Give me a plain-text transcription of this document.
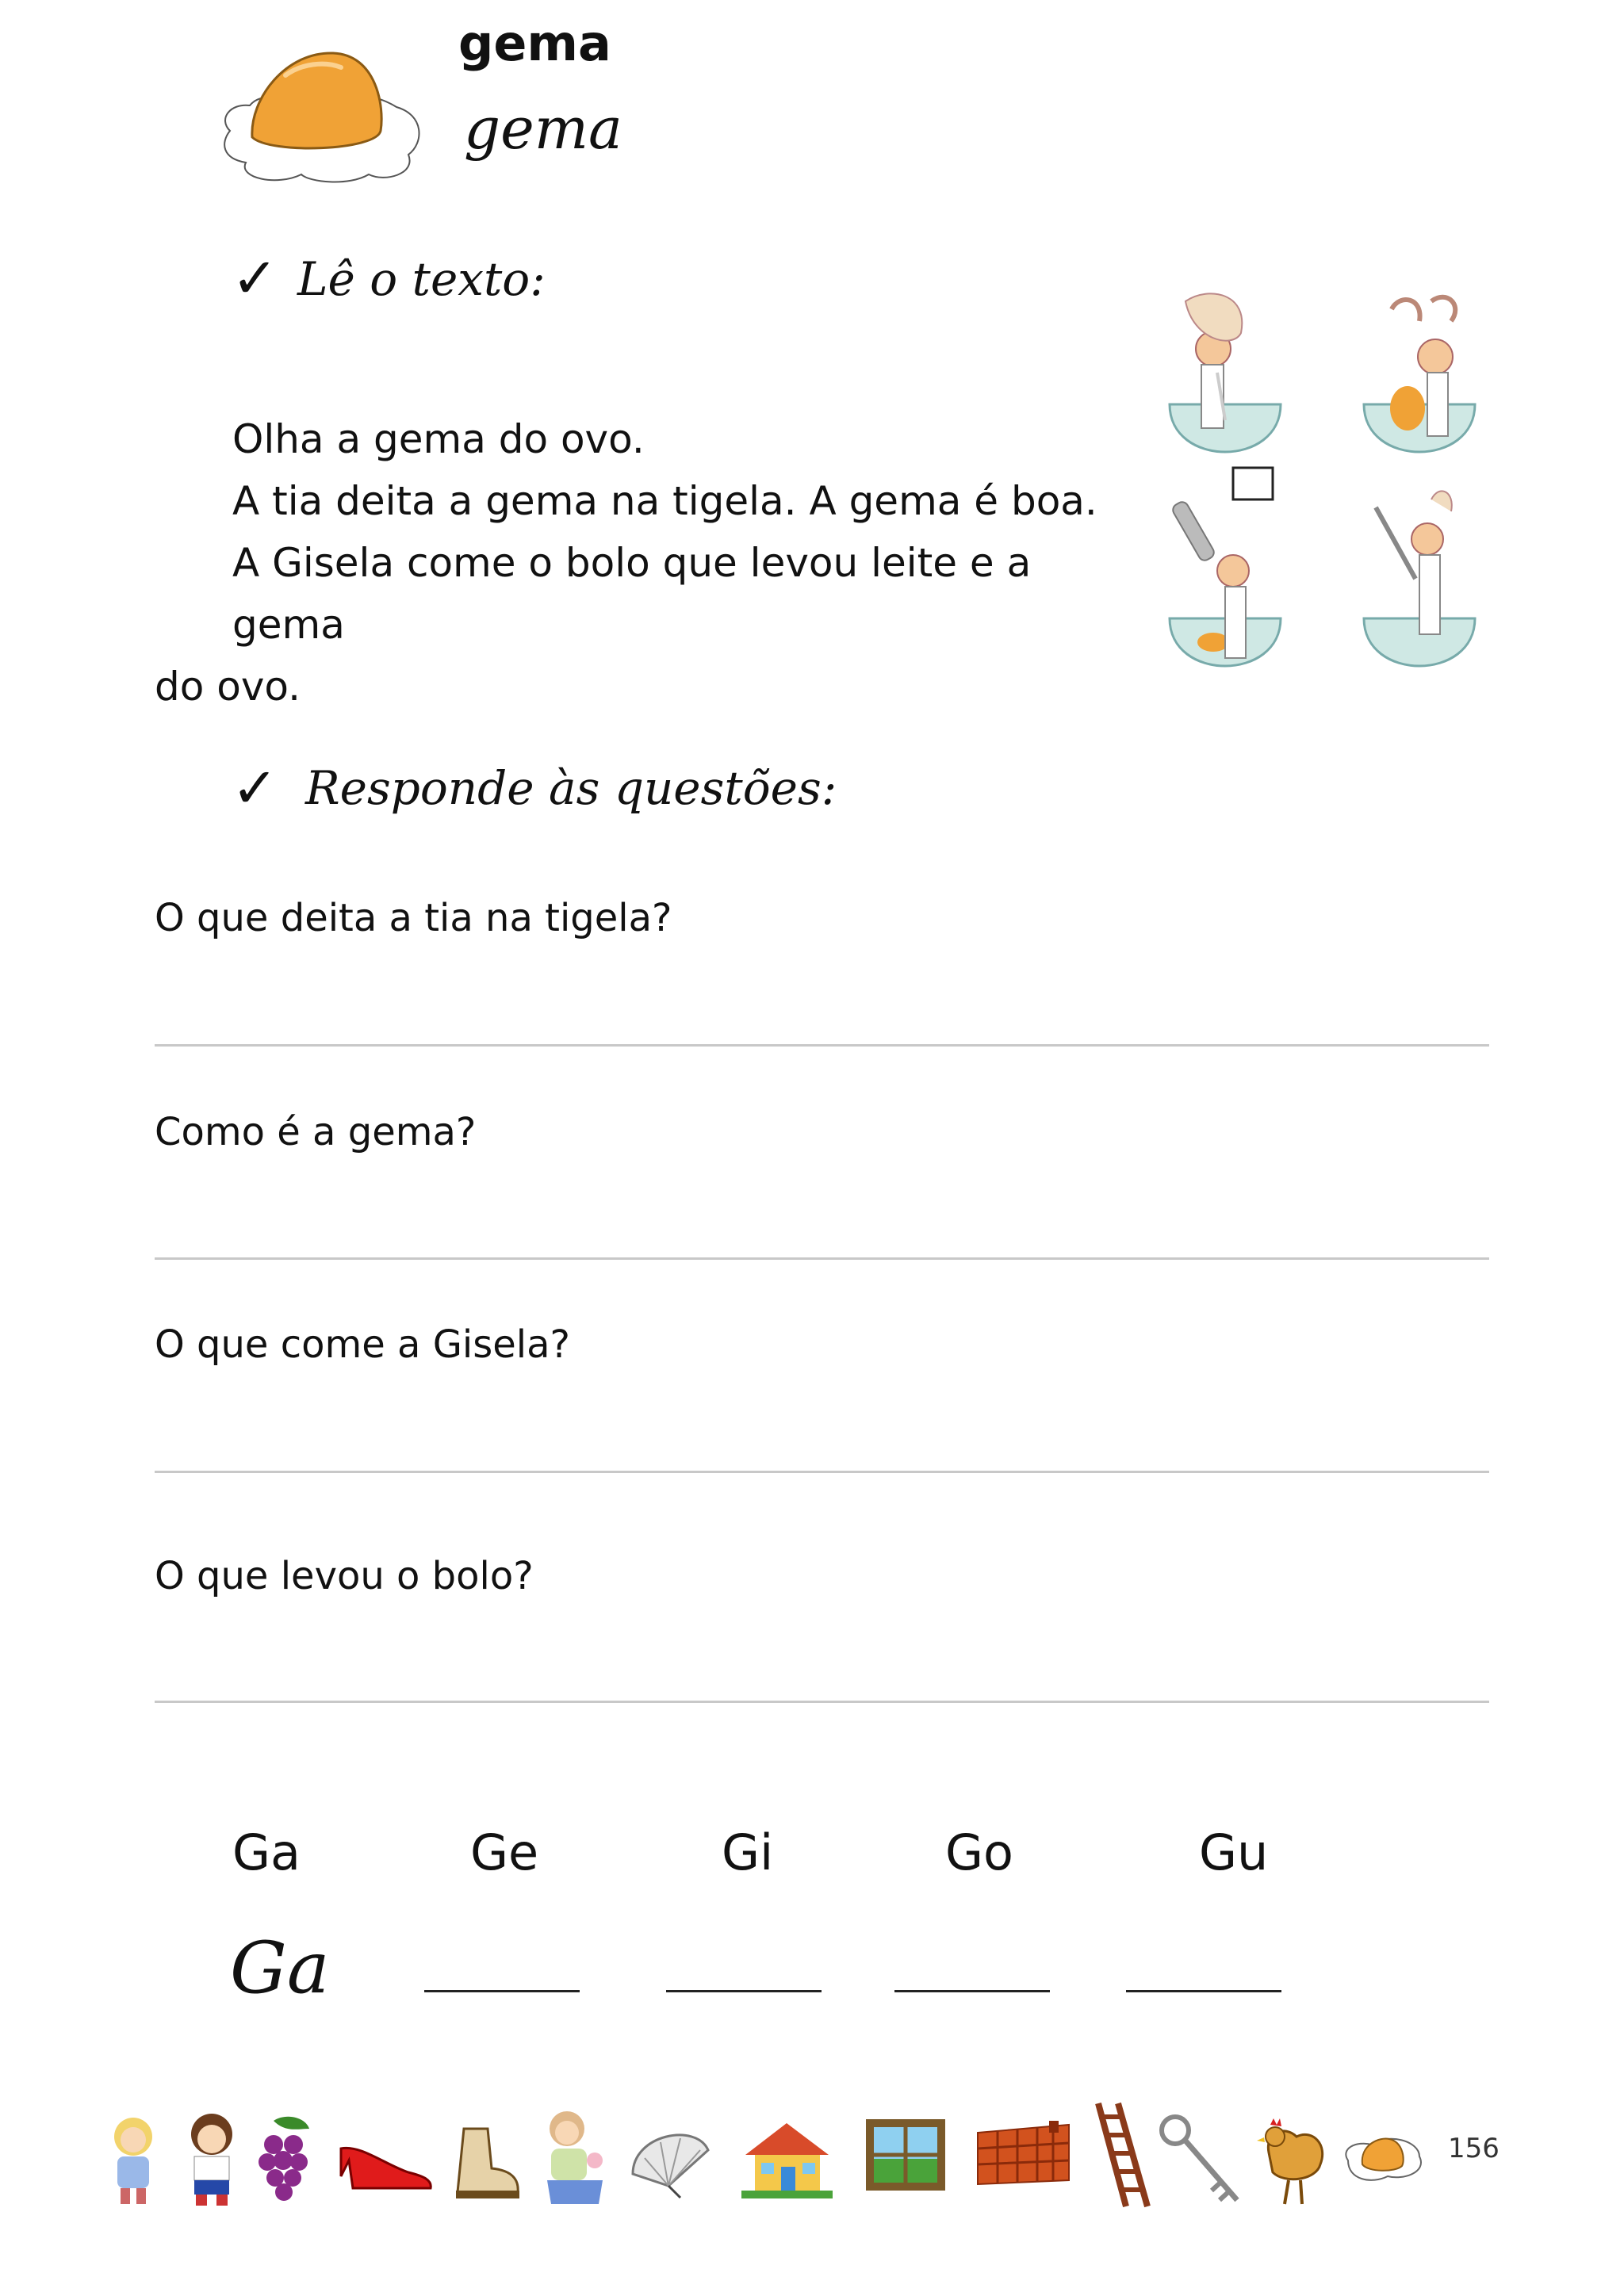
gema
gema
✓ Lê o texto:
Olha a gema do ovo.
A tia deita a gema na tigela. A gema é boa.
A Gisela come o bolo que levou leite e a gema
do ovo.
✓ Responde às questões:
O que deita a tia na tigela?
Como é a gema?
O que come a Gisela?
O que levou o bolo?
Ga	Ge	Gi	Go	Gu
Ga
156
